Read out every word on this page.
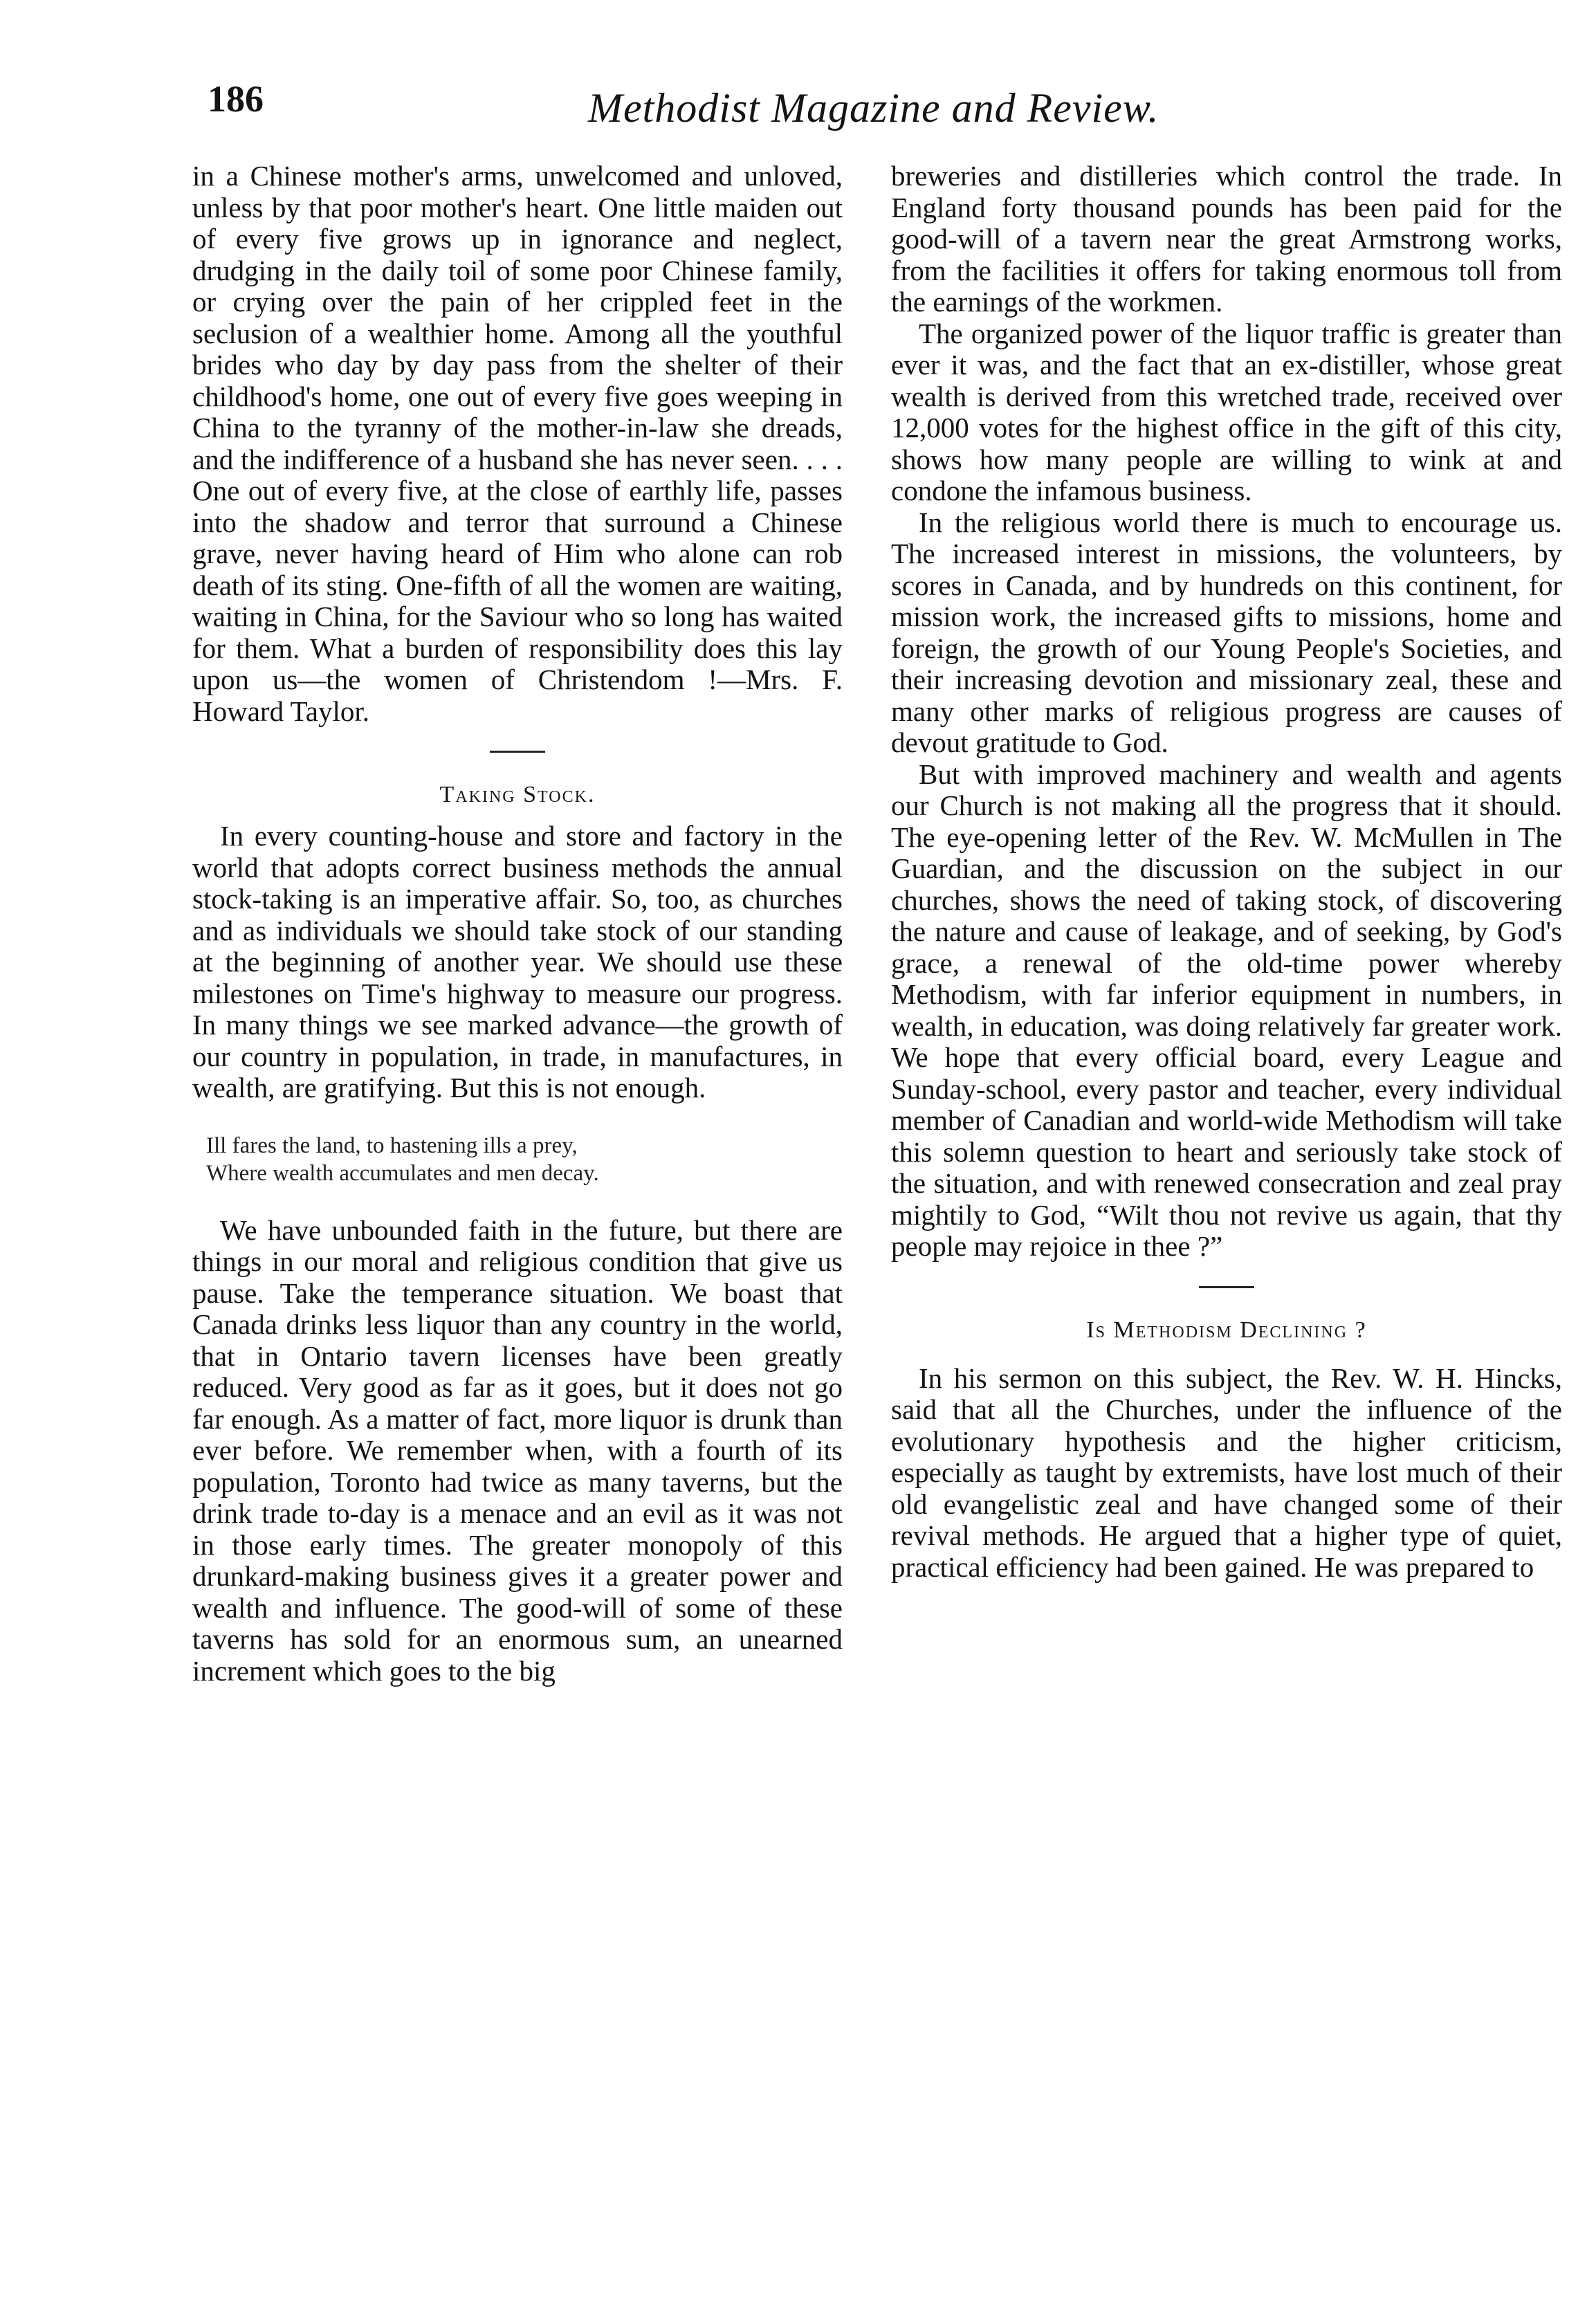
186	Methodist Magazine and Review.

in a Chinese mother's arms, unwelcomed and unloved, unless by that poor mother's heart. One little maiden out of every five grows up in ignorance and neglect, drudging in the daily toil of some poor Chinese family, or crying over the pain of her crippled feet in the seclusion of a wealthier home. Among all the youthful brides who day by day pass from the shelter of their childhood's home, one out of every five goes weeping in China to the tyranny of the mother-in-law she dreads, and the indifference of a husband she has never seen. . . . One out of every five, at the close of earthly life, passes into the shadow and terror that surround a Chinese grave, never having heard of Him who alone can rob death of its sting. One-fifth of all the women are waiting, waiting in China, for the Saviour who so long has waited for them. What a burden of responsibility does this lay upon us—the women of Christendom !—Mrs. F. Howard Taylor.

Taking Stock.

In every counting-house and store and factory in the world that adopts correct business methods the annual stock-taking is an imperative affair. So, too, as churches and as individuals we should take stock of our standing at the beginning of another year. We should use these milestones on Time's highway to measure our progress. In many things we see marked advance—the growth of our country in population, in trade, in manufactures, in wealth, are gratifying. But this is not enough.

Ill fares the land, to hastening ills a prey,
Where wealth accumulates and men decay.

We have unbounded faith in the future, but there are things in our moral and religious condition that give us pause. Take the temperance situation. We boast that Canada drinks less liquor than any country in the world, that in Ontario tavern licenses have been greatly reduced. Very good as far as it goes, but it does not go far enough. As a matter of fact, more liquor is drunk than ever before. We remember when, with a fourth of its population, Toronto had twice as many taverns, but the drink trade to-day is a menace and an evil as it was not in those early times. The greater monopoly of this drunkard-making business gives it a greater power and wealth and influence. The good-will of some of these taverns has sold for an enormous sum, an unearned increment which goes to the big

breweries and distilleries which control the trade. In England forty thousand pounds has been paid for the good-will of a tavern near the great Armstrong works, from the facilities it offers for taking enormous toll from the earnings of the workmen.

The organized power of the liquor traffic is greater than ever it was, and the fact that an ex-distiller, whose great wealth is derived from this wretched trade, received over 12,000 votes for the highest office in the gift of this city, shows how many people are willing to wink at and condone the infamous business.

In the religious world there is much to encourage us. The increased interest in missions, the volunteers, by scores in Canada, and by hundreds on this continent, for mission work, the increased gifts to missions, home and foreign, the growth of our Young People's Societies, and their increasing devotion and missionary zeal, these and many other marks of religious progress are causes of devout gratitude to God.

But with improved machinery and wealth and agents our Church is not making all the progress that it should. The eye-opening letter of the Rev. W. McMullen in The Guardian, and the discussion on the subject in our churches, shows the need of taking stock, of discovering the nature and cause of leakage, and of seeking, by God's grace, a renewal of the old-time power whereby Methodism, with far inferior equipment in numbers, in wealth, in education, was doing relatively far greater work. We hope that every official board, every League and Sunday-school, every pastor and teacher, every individual member of Canadian and world-wide Methodism will take this solemn question to heart and seriously take stock of the situation, and with renewed consecration and zeal pray mightily to God, “Wilt thou not revive us again, that thy people may rejoice in thee ?”

Is Methodism Declining ?

In his sermon on this subject, the Rev. W. H. Hincks, said that all the Churches, under the influence of the evolutionary hypothesis and the higher criticism, especially as taught by extremists, have lost much of their old evangelistic zeal and have changed some of their revival methods. He argued that a higher type of quiet, practical efficiency had been gained. He was prepared to
